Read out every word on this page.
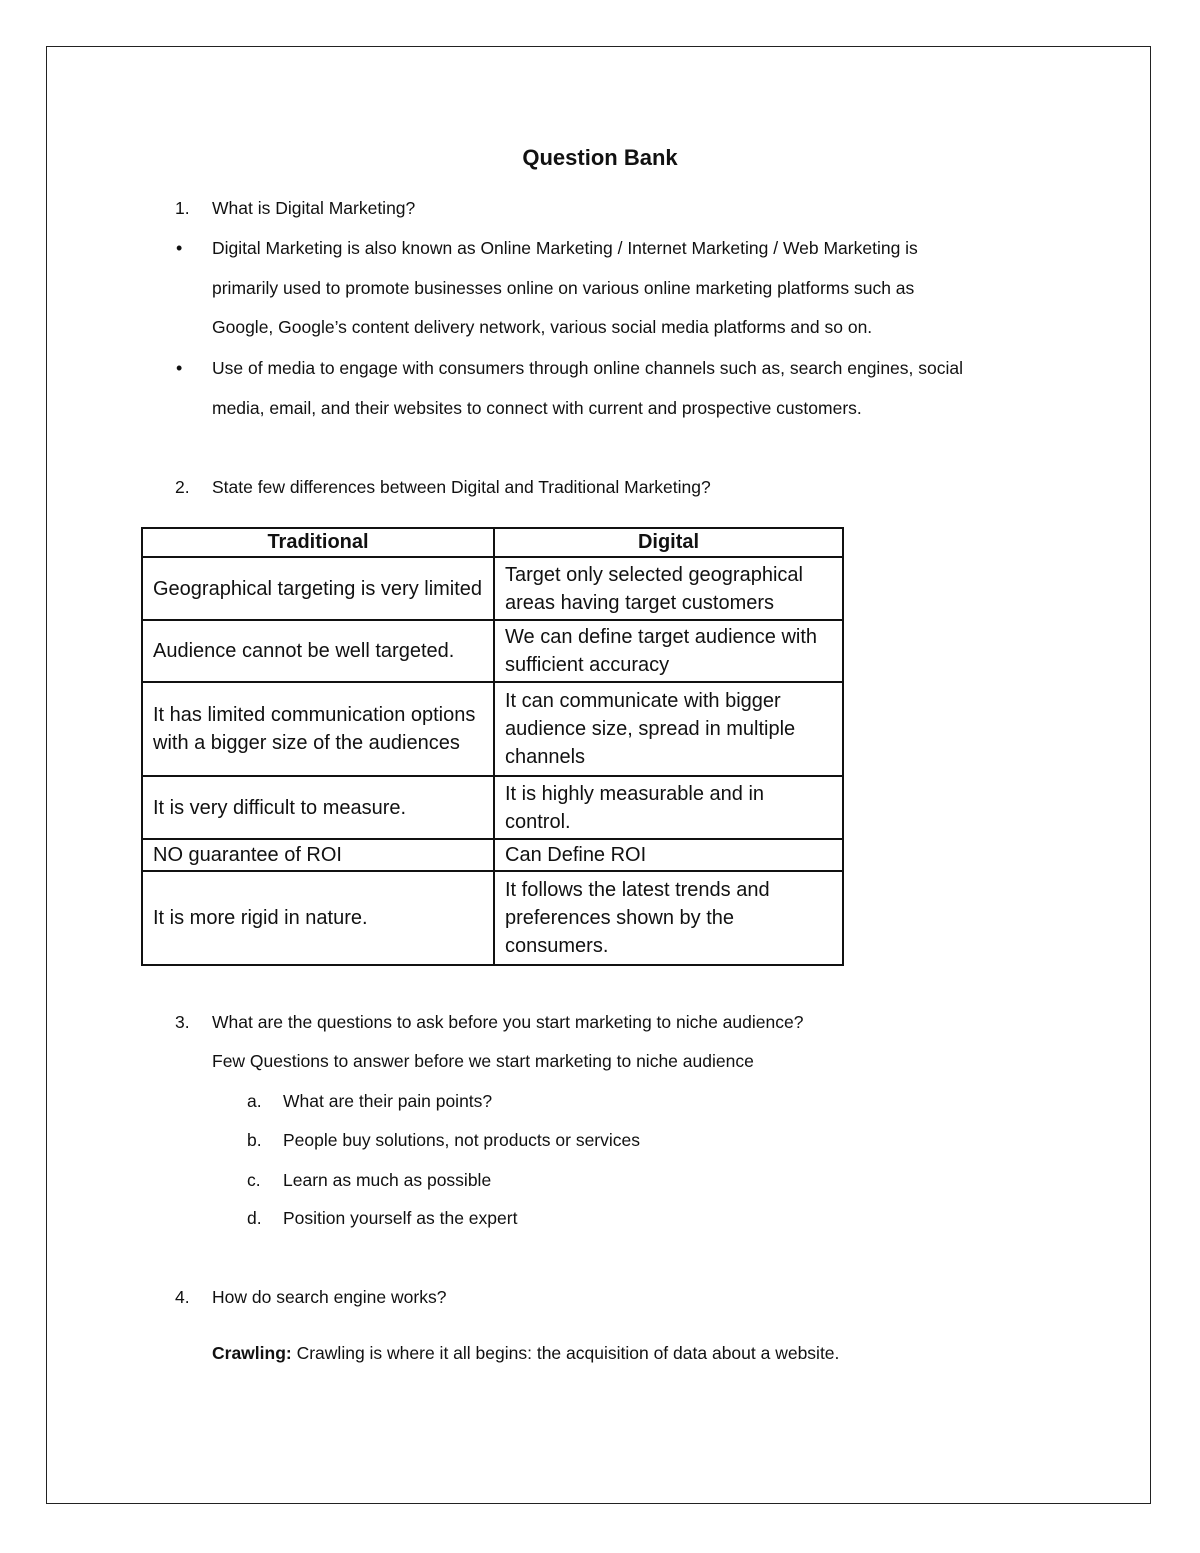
Question Bank
1. What is Digital Marketing?
• Digital Marketing is also known as Online Marketing / Internet Marketing / Web Marketing is
primarily used to promote businesses online on various online marketing platforms such as
Google, Google’s content delivery network, various social media platforms and so on.
• Use of media to engage with consumers through online channels such as, search engines, social
media, email, and their websites to connect with current and prospective customers.
2. State few differences between Digital and Traditional Marketing?
Traditional	Digital
Geographical targeting is very limited	Target only selected geographical areas having target customers
Audience cannot be well targeted.	We can define target audience with sufficient accuracy
It has limited communication options with a bigger size of the audiences	It can communicate with bigger audience size, spread in multiple channels
It is very difficult to measure.	It is highly measurable and in control.
NO guarantee of ROI	Can Define ROI
It is more rigid in nature.	It follows the latest trends and preferences shown by the consumers.
3. What are the questions to ask before you start marketing to niche audience?
Few Questions to answer before we start marketing to niche audience
a. What are their pain points?
b. People buy solutions, not products or services
c. Learn as much as possible
d. Position yourself as the expert
4. How do search engine works?
Crawling: Crawling is where it all begins: the acquisition of data about a website.
